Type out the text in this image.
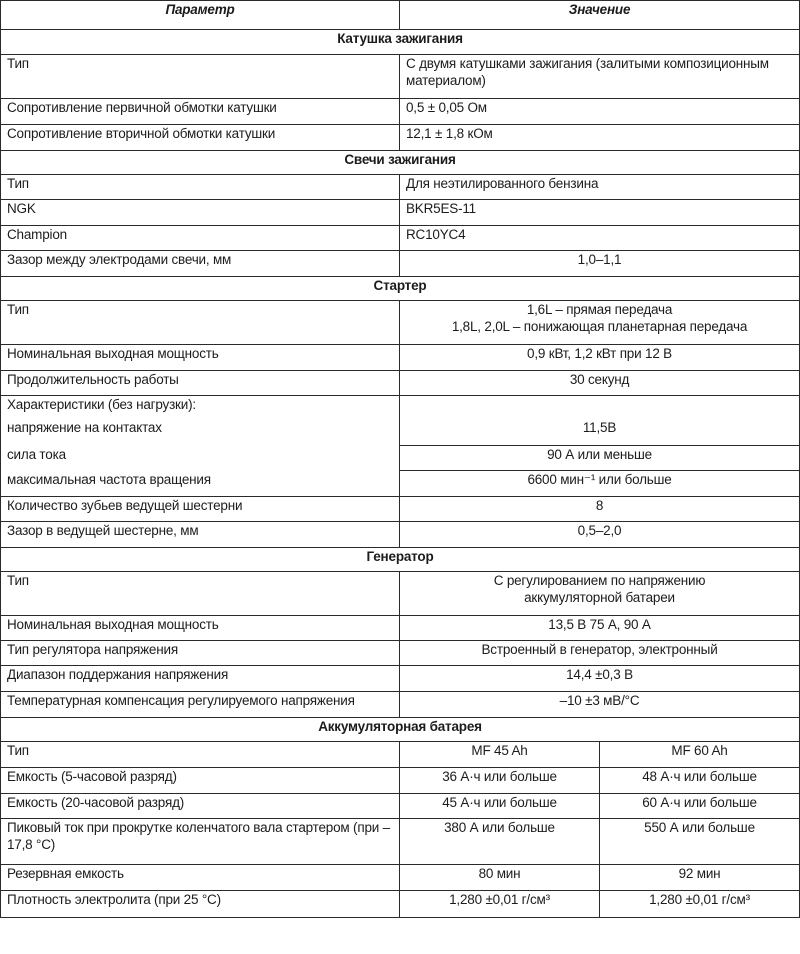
Параметр	Значение	
Катушка зажигания		
Тип	С двумя катушками зажигания (залитыми композиционным материалом)	
Сопротивление первичной обмотки катушки	0,5 ± 0,05 Ом	
Сопротивление вторичной обмотки катушки	12,1 ± 1,8 кОм	
Свечи зажигания		
Тип	Для неэтилированного бензина	
NGK	BKR5ES-11	
Champion	RC10YC4	
Зазор между электродами свечи, мм	1,0–1,1	
Стартер		
Тип	1,6L – прямая передача
1,8L, 2,0L – понижающая планетарная передача	

Номинальная выходная мощность	0,9 кВт, 1,2 кВт при 12 В	
Продолжительность работы	30 секунд	
Характеристики (без нагрузки):		
напряжение на контактах	11,5В	
сила тока	90 А или меньше	
максимальная частота вращения	6600 мин⁻¹ или больше	
Количество зубьев ведущей шестерни	8	
Зазор в ведущей шестерне, мм	0,5–2,0	
Генератор		
Тип	С регулированием по напряжению аккумуляторной батареи	
Номинальная выходная мощность	13,5 В 75 А, 90 А	
Тип регулятора напряжения	Встроенный в генератор, электронный	
Диапазон поддержания напряжения	14,4 ±0,3 В	
Температурная компенсация регулируемого напряжения	–10 ±3 мВ/°С	
Аккумуляторная батарея		
Тип	MF 45 Ah	MF 60 Ah
Емкость (5-часовой разряд)	36 А·ч или больше	48 А·ч или больше
Емкость (20-часовой разряд)	45 А·ч или больше	60 А·ч или больше
Пиковый ток при прокрутке коленчатого вала стартером (при –17,8 °С)	380 А или больше	550 А или больше
Резервная емкость	80 мин	92 мин
Плотность электролита (при 25 °С)	1,280 ±0,01 г/см³	1,280 ±0,01 г/см³
